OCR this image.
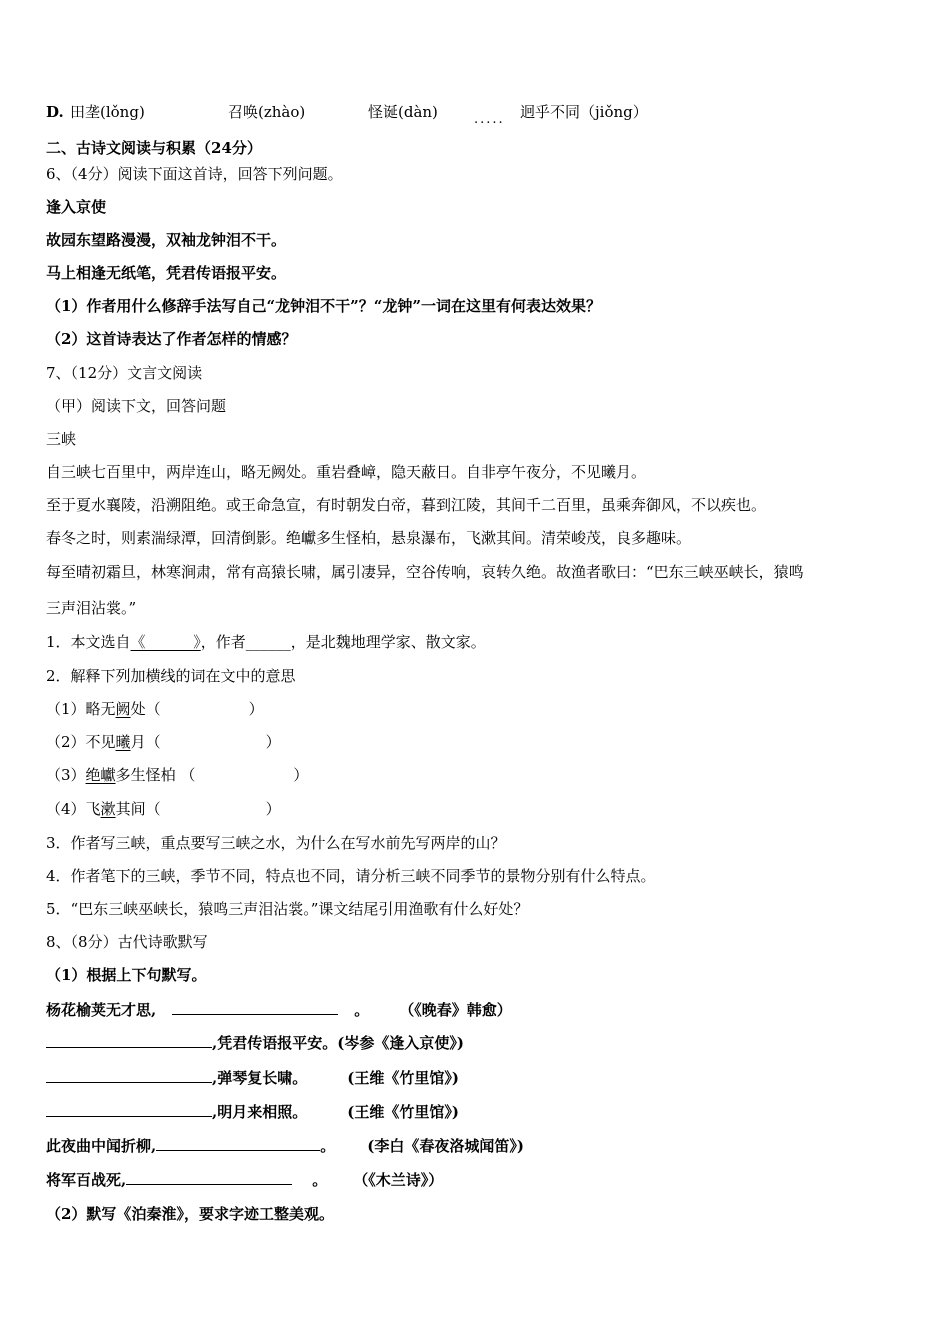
D. 田垄(lǒng)	召唤(zhào)	怪诞(dàn)	..... 迥乎不同（jiǒng）
二、古诗文阅读与积累（24分）
6、（4分）阅读下面这首诗，回答下列问题。
逢入京使
故园东望路漫漫，双袖龙钟泪不干。
马上相逢无纸笔，凭君传语报平安。
（1）作者用什么修辞手法写自己“龙钟泪不干”？“龙钟”一词在这里有何表达效果？
（2）这首诗表达了作者怎样的情感？
7、（12分）文言文阅读
（甲）阅读下文，回答问题
三峡
自三峡七百里中，两岸连山，略无阙处。重岩叠嶂，隐天蔽日。自非亭午夜分，不见曦月。
至于夏水襄陵，沿溯阻绝。或王命急宣，有时朝发白帝，暮到江陵，其间千二百里，虽乘奔御风，不以疾也。
春冬之时，则素湍绿潭，回清倒影。绝巘多生怪柏，悬泉瀑布，飞漱其间。清荣峻茂，良多趣味。
每至晴初霜旦，林寒涧肃，常有高猿长啸，属引凄异，空谷传响，哀转久绝。故渔者歌曰：“巴东三峡巫峡长，猿鸣
三声泪沾裳。”
1．本文选自《          》，作者______，是北魏地理学家、散文家。
2．解释下列加横线的词在文中的意思
（1）略无阙处（	）
（2）不见曦月（	）
（3）绝巘多生怪柏 （	）
（4）飞漱其间（	）
3．作者写三峡，重点要写三峡之水，为什么在写水前先写两岸的山？
4．作者笔下的三峡，季节不同，特点也不同，请分析三峡不同季节的景物分别有什么特点。
5．“巴东三峡巫峡长，猿鸣三声泪沾裳。”课文结尾引用渔歌有什么好处？
8、（8分）古代诗歌默写
（1）根据上下句默写。
杨花榆荚无才思,	。 （《晚春》韩愈）
,凭君传语报平安。(岑参《逢入京使》)
,弹琴复长啸。	(王维《竹里馆》)
,明月来相照。	(王维《竹里馆》)
此夜曲中闻折柳,	。 (李白《春夜洛城闻笛》)
将军百战死,	。 （《木兰诗》）
（2）默写《泊秦淮》，要求字迹工整美观。
